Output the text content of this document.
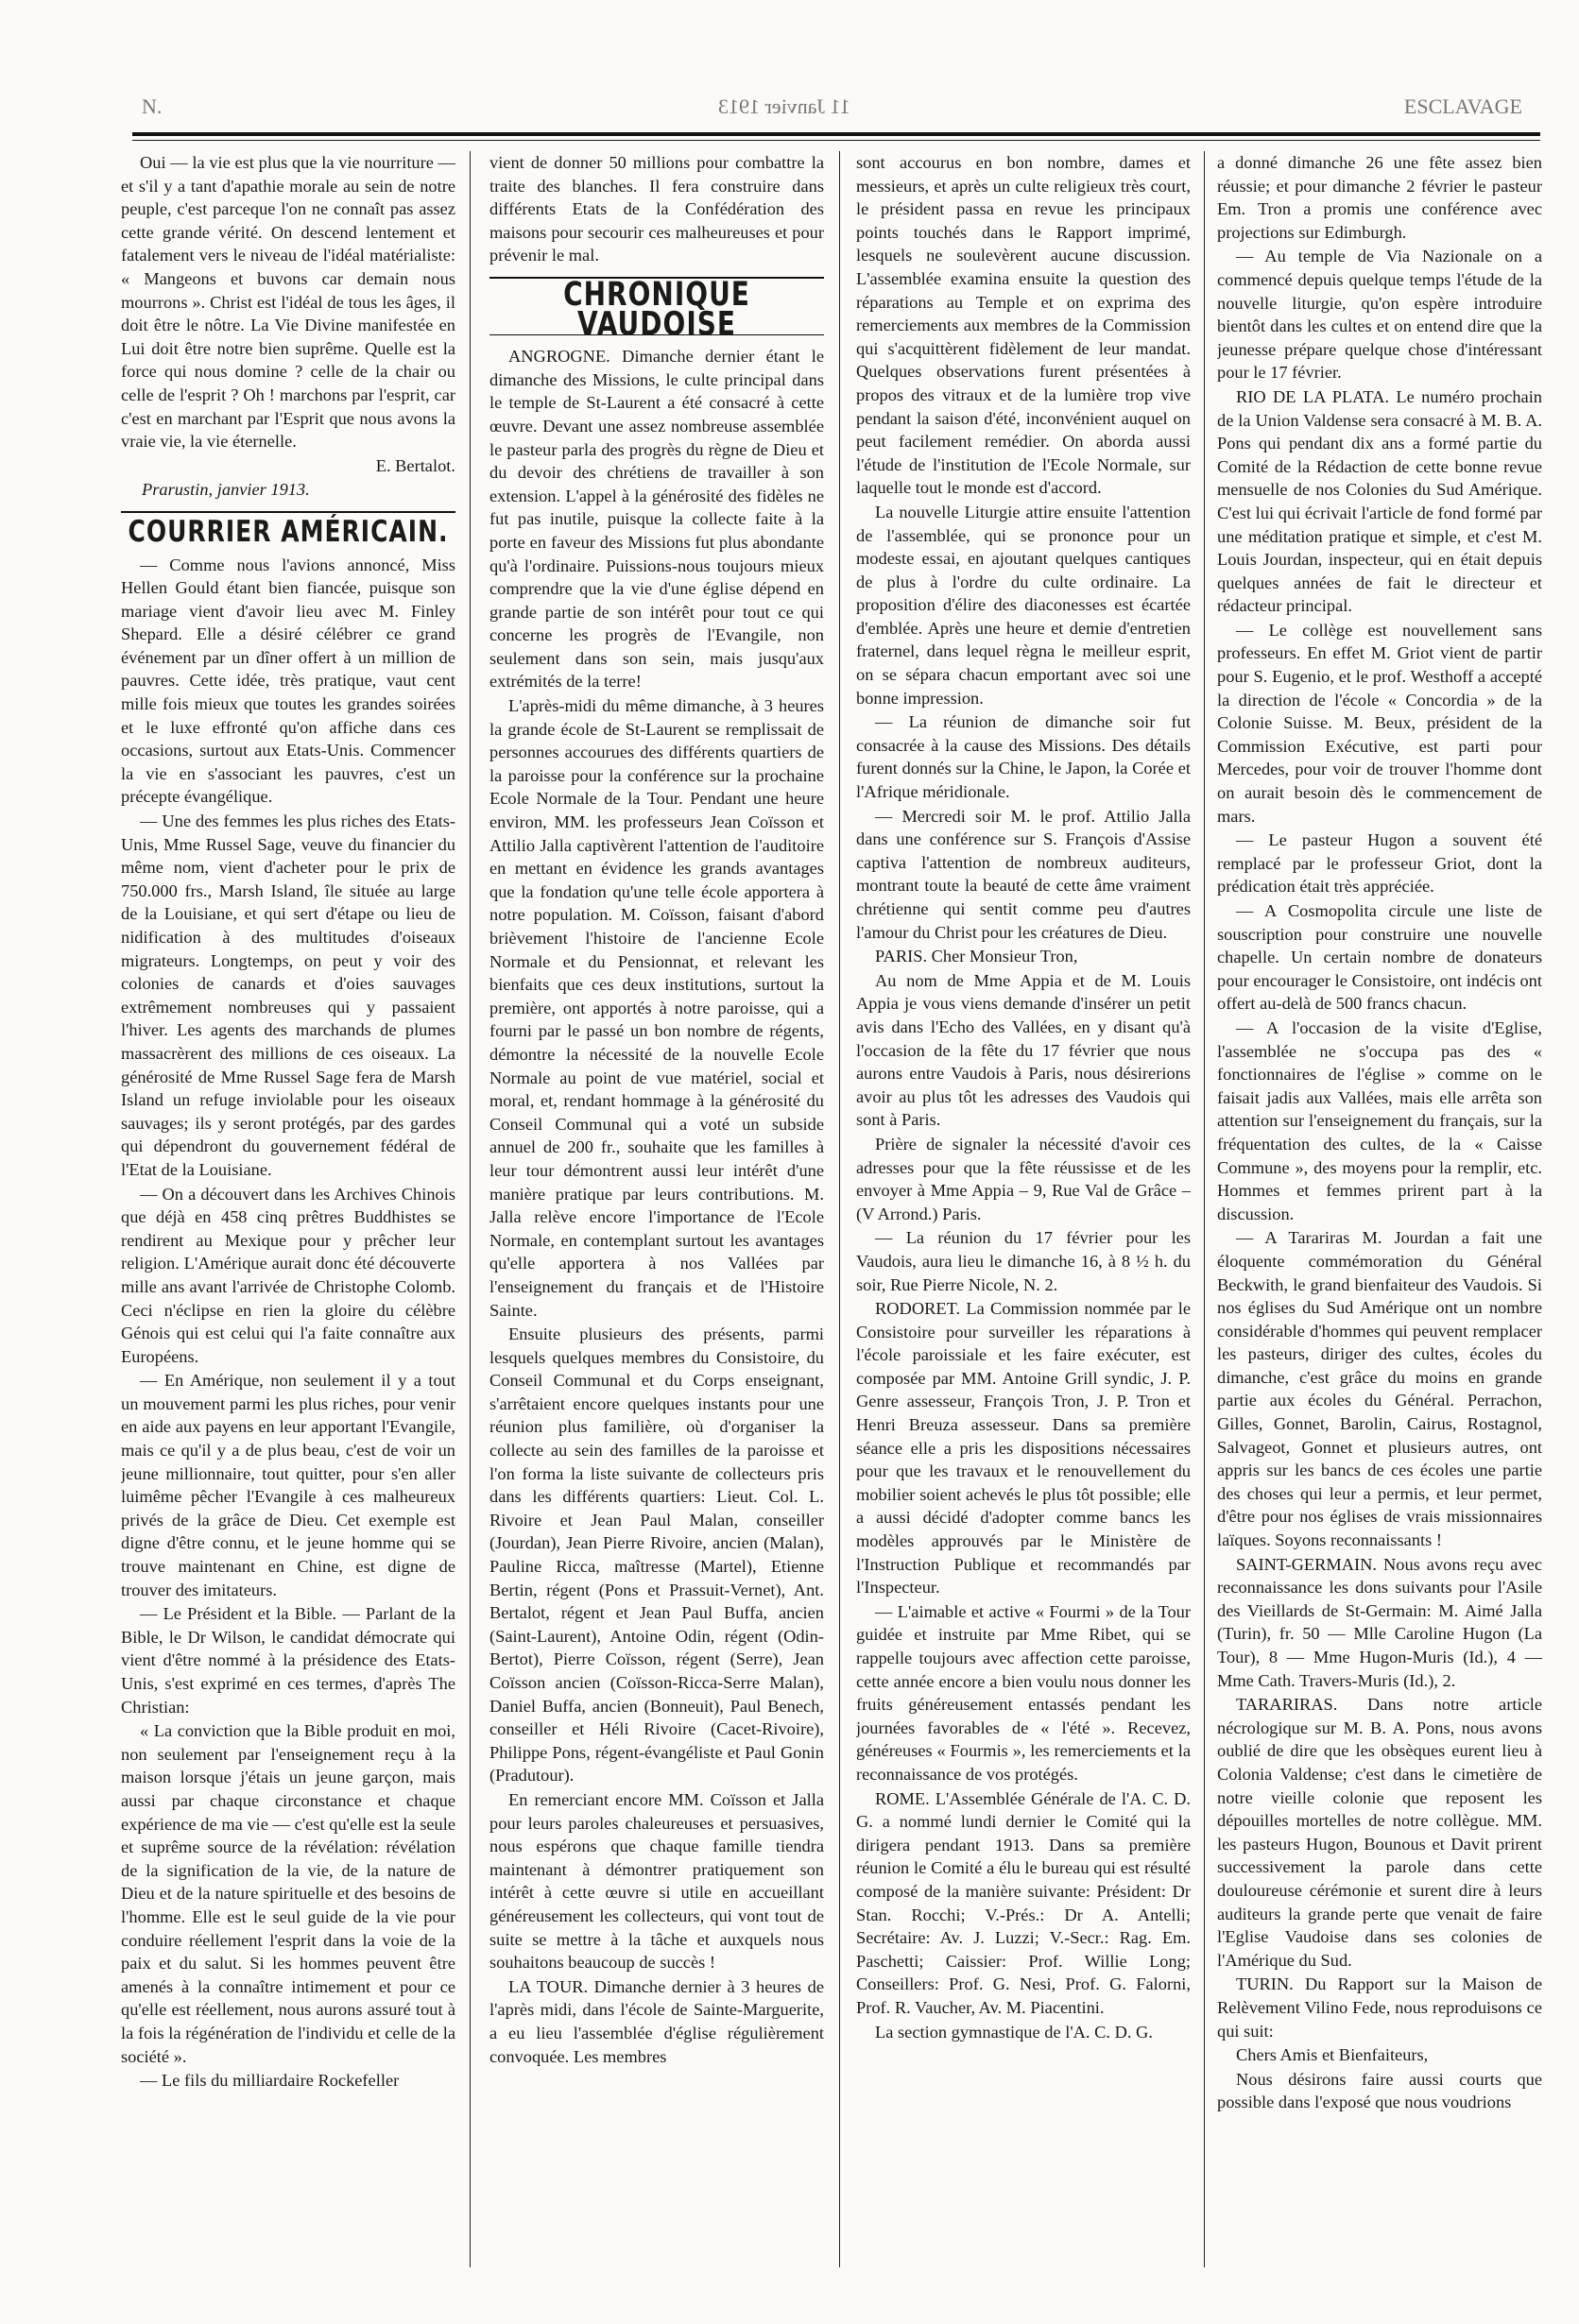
N.	11 Janvier 1913	ESCLAVAGE

Oui — la vie est plus que la vie nourriture — et s'il y a tant d'apathie morale au sein de notre peuple, c'est parceque l'on ne connaît pas assez cette grande vérité. On descend lentement et fatalement vers le niveau de l'idéal matérialiste: « Mangeons et buvons car demain nous mourrons ». Christ est l'idéal de tous les âges, il doit être le nôtre. La Vie Divine manifestée en Lui doit être notre bien suprême. Quelle est la force qui nous domine ? celle de la chair ou celle de l'esprit ? Oh ! marchons par l'esprit, car c'est en marchant par l'Esprit que nous avons la vraie vie, la vie éternelle.

E. Bertalot.

Prarustin, janvier 1913.

COURRIER AMÉRICAIN.

— Comme nous l'avions annoncé, Miss Hellen Gould étant bien fiancée, puisque son mariage vient d'avoir lieu avec M. Finley Shepard. Elle a désiré célébrer ce grand événement par un dîner offert à un million de pauvres. Cette idée, très pratique, vaut cent mille fois mieux que toutes les grandes soirées et le luxe effronté qu'on affiche dans ces occasions, surtout aux Etats-Unis. Commencer la vie en s'associant les pauvres, c'est un précepte évangélique.

— Une des femmes les plus riches des Etats-Unis, Mme Russel Sage, veuve du financier du même nom, vient d'acheter pour le prix de 750.000 frs., Marsh Island, île située au large de la Louisiane, et qui sert d'étape ou lieu de nidification à des multitudes d'oiseaux migrateurs. Longtemps, on peut y voir des colonies de canards et d'oies sauvages extrêmement nombreuses qui y passaient l'hiver. Les agents des marchands de plumes massacrèrent des millions de ces oiseaux. La générosité de Mme Russel Sage fera de Marsh Island un refuge inviolable pour les oiseaux sauvages; ils y seront protégés, par des gardes qui dépendront du gouvernement fédéral de l'Etat de la Louisiane.

— On a découvert dans les Archives Chinois que déjà en 458 cinq prêtres Buddhistes se rendirent au Mexique pour y prêcher leur religion. L'Amérique aurait donc été découverte mille ans avant l'arrivée de Christophe Colomb. Ceci n'éclipse en rien la gloire du célèbre Génois qui est celui qui l'a faite connaître aux Européens.

— En Amérique, non seulement il y a tout un mouvement parmi les plus riches, pour venir en aide aux payens en leur apportant l'Evangile, mais ce qu'il y a de plus beau, c'est de voir un jeune millionnaire, tout quitter, pour s'en aller luimême pêcher l'Evangile à ces malheureux privés de la grâce de Dieu. Cet exemple est digne d'être connu, et le jeune homme qui se trouve maintenant en Chine, est digne de trouver des imitateurs.

— Le Président et la Bible. — Parlant de la Bible, le Dr Wilson, le candidat démocrate qui vient d'être nommé à la présidence des Etats-Unis, s'est exprimé en ces termes, d'après The Christian:

« La conviction que la Bible produit en moi, non seulement par l'enseignement reçu à la maison lorsque j'étais un jeune garçon, mais aussi par chaque circonstance et chaque expérience de ma vie — c'est qu'elle est la seule et suprême source de la révélation: révélation de la signification de la vie, de la nature de Dieu et de la nature spirituelle et des besoins de l'homme. Elle est le seul guide de la vie pour conduire réellement l'esprit dans la voie de la paix et du salut. Si les hommes peuvent être amenés à la connaître intimement et pour ce qu'elle est réellement, nous aurons assuré tout à la fois la régénération de l'individu et celle de la société ».

— Le fils du milliardaire Rockefeller

vient de donner 50 millions pour combattre la traite des blanches. Il fera construire dans différents Etats de la Confédération des maisons pour secourir ces malheureuses et pour prévenir le mal.

CHRONIQUE VAUDOISE

ANGROGNE. Dimanche dernier étant le dimanche des Missions, le culte principal dans le temple de St-Laurent a été consacré à cette œuvre. Devant une assez nombreuse assemblée le pasteur parla des progrès du règne de Dieu et du devoir des chrétiens de travailler à son extension. L'appel à la générosité des fidèles ne fut pas inutile, puisque la collecte faite à la porte en faveur des Missions fut plus abondante qu'à l'ordinaire. Puissions-nous toujours mieux comprendre que la vie d'une église dépend en grande partie de son intérêt pour tout ce qui concerne les progrès de l'Evangile, non seulement dans son sein, mais jusqu'aux extrémités de la terre!

L'après-midi du même dimanche, à 3 heures la grande école de St-Laurent se remplissait de personnes accourues des différents quartiers de la paroisse pour la conférence sur la prochaine Ecole Normale de la Tour. Pendant une heure environ, MM. les professeurs Jean Coïsson et Attilio Jalla captivèrent l'attention de l'auditoire en mettant en évidence les grands avantages que la fondation qu'une telle école apportera à notre population. M. Coïsson, faisant d'abord brièvement l'histoire de l'ancienne Ecole Normale et du Pensionnat, et relevant les bienfaits que ces deux institutions, surtout la première, ont apportés à notre paroisse, qui a fourni par le passé un bon nombre de régents, démontre la nécessité de la nouvelle Ecole Normale au point de vue matériel, social et moral, et, rendant hommage à la générosité du Conseil Communal qui a voté un subside annuel de 200 fr., souhaite que les familles à leur tour démontrent aussi leur intérêt d'une manière pratique par leurs contributions. M. Jalla relève encore l'importance de l'Ecole Normale, en contemplant surtout les avantages qu'elle apportera à nos Vallées par l'enseignement du français et de l'Histoire Sainte.

Ensuite plusieurs des présents, parmi lesquels quelques membres du Consistoire, du Conseil Communal et du Corps enseignant, s'arrêtaient encore quelques instants pour une réunion plus familière, où d'organiser la collecte au sein des familles de la paroisse et l'on forma la liste suivante de collecteurs pris dans les différents quartiers: Lieut. Col. L. Rivoire et Jean Paul Malan, conseiller (Jourdan), Jean Pierre Rivoire, ancien (Malan), Pauline Ricca, maîtresse (Martel), Etienne Bertin, régent (Pons et Prassuit-Vernet), Ant. Bertalot, régent et Jean Paul Buffa, ancien (Saint-Laurent), Antoine Odin, régent (Odin-Bertot), Pierre Coïsson, régent (Serre), Jean Coïsson ancien (Coïsson-Ricca-Serre Malan), Daniel Buffa, ancien (Bonneuit), Paul Benech, conseiller et Héli Rivoire (Cacet-Rivoire), Philippe Pons, régent-évangéliste et Paul Gonin (Pradutour).

En remerciant encore MM. Coïsson et Jalla pour leurs paroles chaleureuses et persuasives, nous espérons que chaque famille tiendra maintenant à démontrer pratiquement son intérêt à cette œuvre si utile en accueillant généreusement les collecteurs, qui vont tout de suite se mettre à la tâche et auxquels nous souhaitons beaucoup de succès !

LA TOUR. Dimanche dernier à 3 heures de l'après midi, dans l'école de Sainte-Marguerite, a eu lieu l'assemblée d'église régulièrement convoquée. Les membres

sont accourus en bon nombre, dames et messieurs, et après un culte religieux très court, le président passa en revue les principaux points touchés dans le Rapport imprimé, lesquels ne soulevèrent aucune discussion. L'assemblée examina ensuite la question des réparations au Temple et on exprima des remerciements aux membres de la Commission qui s'acquittèrent fidèlement de leur mandat. Quelques observations furent présentées à propos des vitraux et de la lumière trop vive pendant la saison d'été, inconvénient auquel on peut facilement remédier. On aborda aussi l'étude de l'institution de l'Ecole Normale, sur laquelle tout le monde est d'accord.

La nouvelle Liturgie attire ensuite l'attention de l'assemblée, qui se prononce pour un modeste essai, en ajoutant quelques cantiques de plus à l'ordre du culte ordinaire. La proposition d'élire des diaconesses est écartée d'emblée. Après une heure et demie d'entretien fraternel, dans lequel règna le meilleur esprit, on se sépara chacun emportant avec soi une bonne impression.

— La réunion de dimanche soir fut consacrée à la cause des Missions. Des détails furent donnés sur la Chine, le Japon, la Corée et l'Afrique méridionale.

— Mercredi soir M. le prof. Attilio Jalla dans une conférence sur S. François d'Assise captiva l'attention de nombreux auditeurs, montrant toute la beauté de cette âme vraiment chrétienne qui sentit comme peu d'autres l'amour du Christ pour les créatures de Dieu.

PARIS. Cher Monsieur Tron,

Au nom de Mme Appia et de M. Louis Appia je vous viens demande d'insérer un petit avis dans l'Echo des Vallées, en y disant qu'à l'occasion de la fête du 17 février que nous aurons entre Vaudois à Paris, nous désirerions avoir au plus tôt les adresses des Vaudois qui sont à Paris.

Prière de signaler la nécessité d'avoir ces adresses pour que la fête réussisse et de les envoyer à Mme Appia – 9, Rue Val de Grâce – (V Arrond.) Paris.

— La réunion du 17 février pour les Vaudois, aura lieu le dimanche 16, à 8 ½ h. du soir, Rue Pierre Nicole, N. 2.

RODORET. La Commission nommée par le Consistoire pour surveiller les réparations à l'école paroissiale et les faire exécuter, est composée par MM. Antoine Grill syndic, J. P. Genre assesseur, François Tron, J. P. Tron et Henri Breuza assesseur. Dans sa première séance elle a pris les dispositions nécessaires pour que les travaux et le renouvellement du mobilier soient achevés le plus tôt possible; elle a aussi décidé d'adopter comme bancs les modèles approuvés par le Ministère de l'Instruction Publique et recommandés par l'Inspecteur.

— L'aimable et active « Fourmi » de la Tour guidée et instruite par Mme Ribet, qui se rappelle toujours avec affection cette paroisse, cette année encore a bien voulu nous donner les fruits généreusement entassés pendant les journées favorables de « l'été ». Recevez, généreuses « Fourmis », les remerciements et la reconnaissance de vos protégés.

ROME. L'Assemblée Générale de l'A. C. D. G. a nommé lundi dernier le Comité qui la dirigera pendant 1913. Dans sa première réunion le Comité a élu le bureau qui est résulté composé de la manière suivante: Président: Dr Stan. Rocchi; V.-Prés.: Dr A. Antelli; Secrétaire: Av. J. Luzzi; V.-Secr.: Rag. Em. Paschetti; Caissier: Prof. Willie Long; Conseillers: Prof. G. Nesi, Prof. G. Falorni, Prof. R. Vaucher, Av. M. Piacentini.

La section gymnastique de l'A. C. D. G.

a donné dimanche 26 une fête assez bien réussie; et pour dimanche 2 février le pasteur Em. Tron a promis une conférence avec projections sur Edimburgh.

— Au temple de Via Nazionale on a commencé depuis quelque temps l'étude de la nouvelle liturgie, qu'on espère introduire bientôt dans les cultes et on entend dire que la jeunesse prépare quelque chose d'intéressant pour le 17 février.

RIO DE LA PLATA. Le numéro prochain de la Union Valdense sera consacré à M. B. A. Pons qui pendant dix ans a formé partie du Comité de la Rédaction de cette bonne revue mensuelle de nos Colonies du Sud Amérique. C'est lui qui écrivait l'article de fond formé par une méditation pratique et simple, et c'est M. Louis Jourdan, inspecteur, qui en était depuis quelques années de fait le directeur et rédacteur principal.

— Le collège est nouvellement sans professeurs. En effet M. Griot vient de partir pour S. Eugenio, et le prof. Westhoff a accepté la direction de l'école « Concordia » de la Colonie Suisse. M. Beux, président de la Commission Exécutive, est parti pour Mercedes, pour voir de trouver l'homme dont on aurait besoin dès le commencement de mars.

— Le pasteur Hugon a souvent été remplacé par le professeur Griot, dont la prédication était très appréciée.

— A Cosmopolita circule une liste de souscription pour construire une nouvelle chapelle. Un certain nombre de donateurs pour encourager le Consistoire, ont indécis ont offert au-delà de 500 francs chacun.

— A l'occasion de la visite d'Eglise, l'assemblée ne s'occupa pas des « fonctionnaires de l'église » comme on le faisait jadis aux Vallées, mais elle arrêta son attention sur l'enseignement du français, sur la fréquentation des cultes, de la « Caisse Commune », des moyens pour la remplir, etc. Hommes et femmes prirent part à la discussion.

— A Tarariras M. Jourdan a fait une éloquente commémoration du Général Beckwith, le grand bienfaiteur des Vaudois. Si nos églises du Sud Amérique ont un nombre considérable d'hommes qui peuvent remplacer les pasteurs, diriger des cultes, écoles du dimanche, c'est grâce du moins en grande partie aux écoles du Général. Perrachon, Gilles, Gonnet, Barolin, Cairus, Rostagnol, Salvageot, Gonnet et plusieurs autres, ont appris sur les bancs de ces écoles une partie des choses qui leur a permis, et leur permet, d'être pour nos églises de vrais missionnaires laïques. Soyons reconnaissants !

SAINT-GERMAIN. Nous avons reçu avec reconnaissance les dons suivants pour l'Asile des Vieillards de St-Germain: M. Aimé Jalla (Turin), fr. 50 — Mlle Caroline Hugon (La Tour), 8 — Mme Hugon-Muris (Id.), 4 — Mme Cath. Travers-Muris (Id.), 2.

TARARIRAS. Dans notre article nécrologique sur M. B. A. Pons, nous avons oublié de dire que les obsèques eurent lieu à Colonia Valdense; c'est dans le cimetière de notre vieille colonie que reposent les dépouilles mortelles de notre collègue. MM. les pasteurs Hugon, Bounous et Davit prirent successivement la parole dans cette douloureuse cérémonie et surent dire à leurs auditeurs la grande perte que venait de faire l'Eglise Vaudoise dans ses colonies de l'Amérique du Sud.

TURIN. Du Rapport sur la Maison de Relèvement Vilino Fede, nous reproduisons ce qui suit:

Chers Amis et Bienfaiteurs,

Nous désirons faire aussi courts que possible dans l'exposé que nous voudrions
